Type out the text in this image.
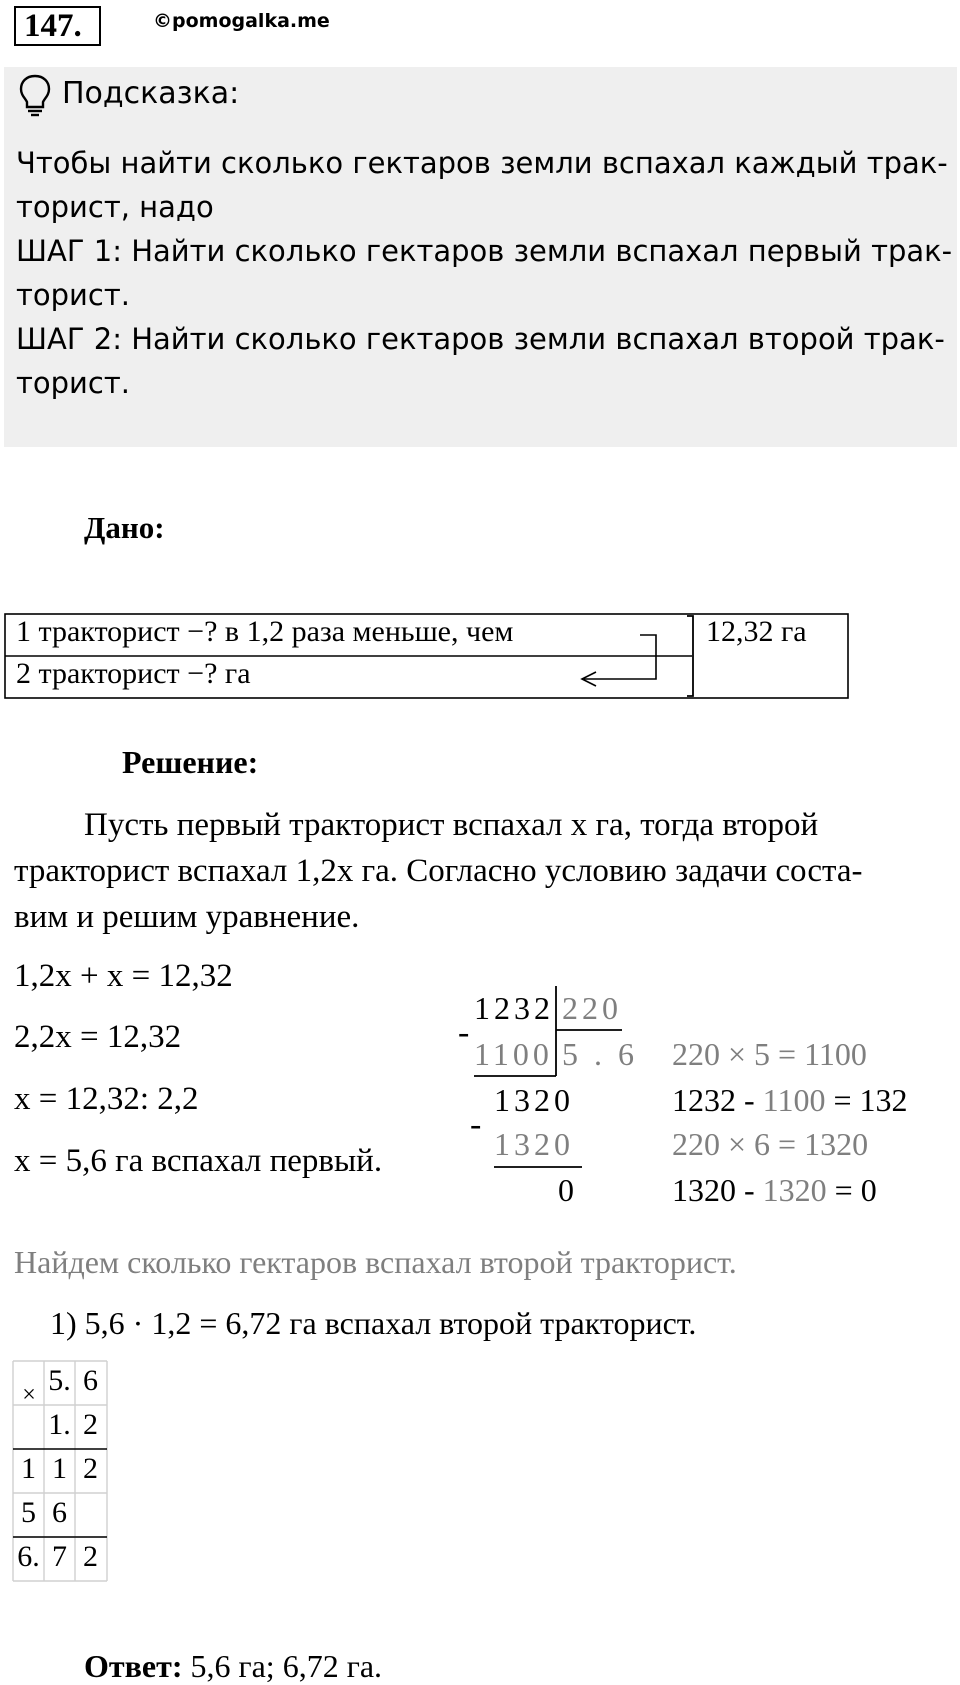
147.	©pomogalka.me
Подсказка:
Чтобы найти сколько гектаров земли вспахал каждый трак-
торист, надо
ШАГ 1: Найти сколько гектаров земли вспахал первый трак-
торист.
ШАГ 2: Найти сколько гектаров земли вспахал второй трак-
торист.
Дано:
1 тракторист −? в 1,2 раза меньше, чем
2 тракторист −? га
12,32 га
Решение:
Пусть первый тракторист вспахал х га, тогда второй
тракторист вспахал 1,2х га. Согласно условию задачи соста-
вим и решим уравнение.
1,2x + x = 12,32
2,2x = 12,32
x = 12,32: 2,2
x = 5,6 га вспахал первый.
1232 220
1100 5 . 6
1320
1320
0
-
-
220 × 5 = 1100
1232 - 1100 = 132
220 × 6 = 1320
1320 - 1320 = 0
Найдем сколько гектаров вспахал второй тракторист.
1) 5,6 · 1,2 = 6,72 га вспахал второй тракторист.
× 5. 6
1. 2
1 1 2
5 6
6. 7 2
Ответ: 5,6 га; 6,72 га.
